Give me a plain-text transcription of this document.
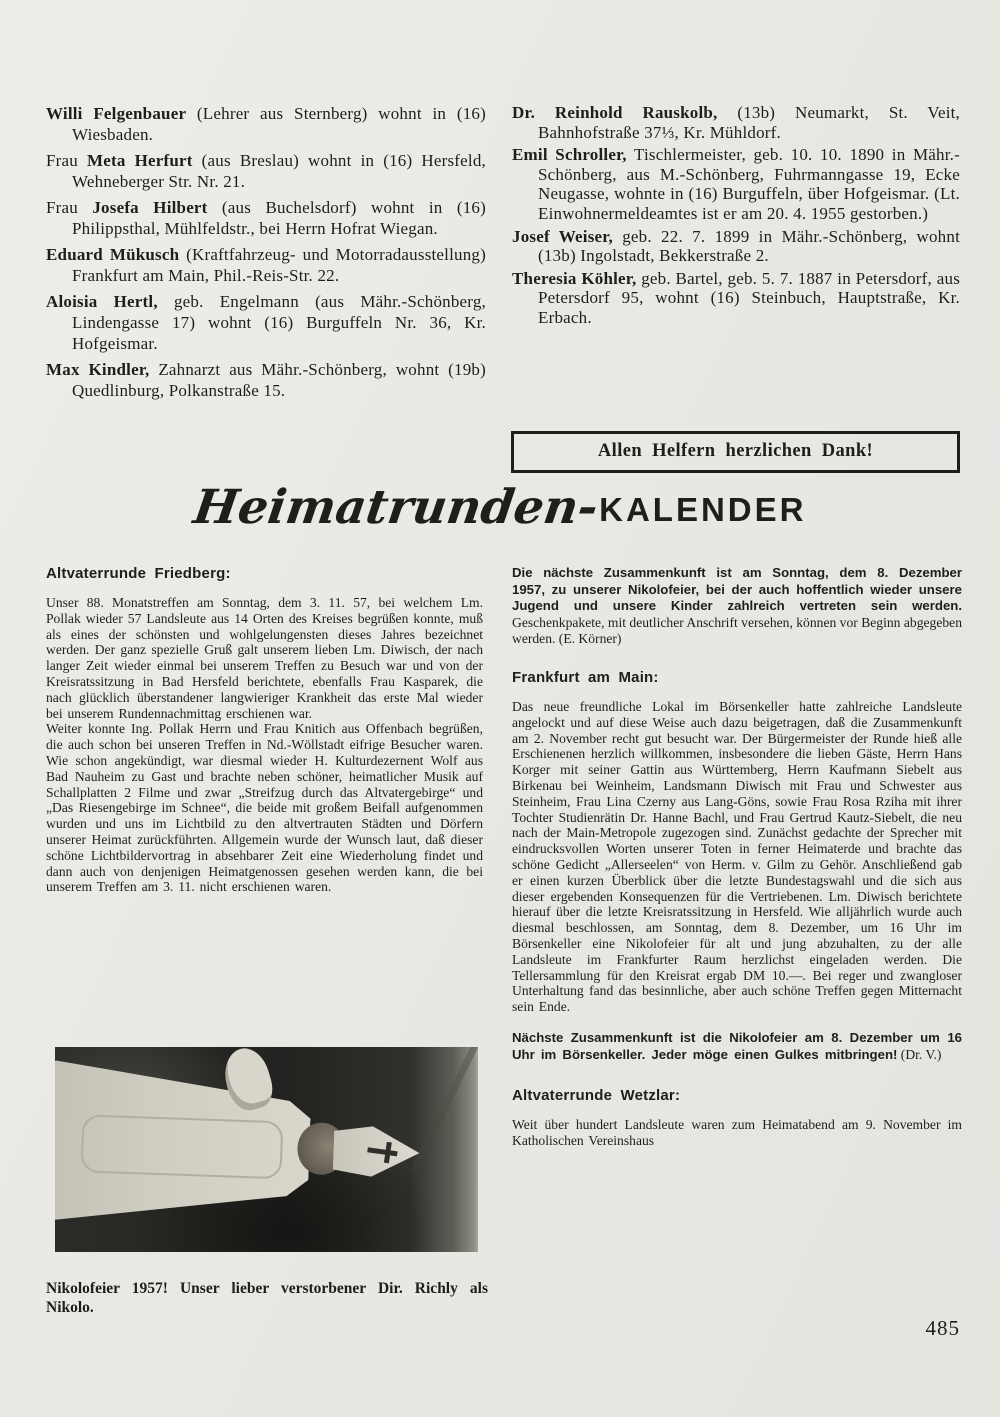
Willi Felgenbauer (Lehrer aus Sternberg) wohnt in (16) Wiesbaden.

Frau Meta Herfurt (aus Breslau) wohnt in (16) Hersfeld, Wehneberger Str. Nr. 21.

Frau Josefa Hilbert (aus Buchelsdorf) wohnt in (16) Philippsthal, Mühlfeldstr., bei Herrn Hofrat Wiegan.

Eduard Mükusch (Kraftfahrzeug- und Motorradausstellung) Frankfurt am Main, Phil.-Reis-Str. 22.

Aloisia Hertl, geb. Engelmann (aus Mähr.-Schönberg, Lindengasse 17) wohnt (16) Burguffeln Nr. 36, Kr. Hofgeismar.

Max Kindler, Zahnarzt aus Mähr.-Schönberg, wohnt (19b) Quedlinburg, Polkanstraße 15.

Dr. Reinhold Rauskolb, (13b) Neumarkt, St. Veit, Bahnhofstraße 37⅓, Kr. Mühldorf.

Emil Schroller, Tischlermeister, geb. 10. 10. 1890 in Mähr.-Schönberg, aus M.-Schönberg, Fuhrmanngasse 19, Ecke Neugasse, wohnte in (16) Burguffeln, über Hofgeismar. (Lt. Einwohnermeldeamtes ist er am 20. 4. 1955 gestorben.)

Josef Weiser, geb. 22. 7. 1899 in Mähr.-Schönberg, wohnt (13b) Ingolstadt, Bekkerstraße 2.

Theresia Köhler, geb. Bartel, geb. 5. 7. 1887 in Petersdorf, aus Petersdorf 95, wohnt (16) Steinbuch, Hauptstraße, Kr. Erbach.

Allen Helfern herzlichen Dank!
Heimatrunden-KALENDER

Altvaterrunde Friedberg:

Unser 88. Monatstreffen am Sonntag, dem 3. 11. 57, bei welchem Lm. Pollak wieder 57 Landsleute aus 14 Orten des Kreises begrüßen konnte, muß als eines der schönsten und wohlgelungensten dieses Jahres bezeichnet werden. Der ganz spezielle Gruß galt unserem lieben Lm. Diwisch, der nach langer Zeit wieder einmal bei unserem Treffen zu Besuch war und von der Kreisratssitzung in Bad Hersfeld berichtete, ebenfalls Frau Kasparek, die nach glücklich überstandener langwieriger Krankheit das erste Mal wieder bei unserem Rundennachmittag erschienen war.

Weiter konnte Ing. Pollak Herrn und Frau Knitich aus Offenbach begrüßen, die auch schon bei unseren Treffen in Nd.-Wöllstadt eifrige Besucher waren. Wie schon angekündigt, war diesmal wieder H. Kulturdezernent Wolf aus Bad Nauheim zu Gast und brachte neben schöner, heimatlicher Musik auf Schallplatten 2 Filme und zwar „Streifzug durch das Altvatergebirge“ und „Das Riesengebirge im Schnee“, die beide mit großem Beifall aufgenommen wurden und uns im Lichtbild zu den altvertrauten Städten und Dörfern unserer Heimat zurückführten. Allgemein wurde der Wunsch laut, daß dieser schöne Lichtbildervortrag in absehbarer Zeit eine Wiederholung findet und dann auch von denjenigen Heimatgenossen gesehen werden kann, die bei unserem Treffen am 3. 11. nicht erschienen waren.

Nikolofeier 1957! Unser lieber verstorbener Dir. Richly als Nikolo.

Die nächste Zusammenkunft ist am Sonntag, dem 8. Dezember 1957, zu unserer Nikolofeier, bei der auch hoffentlich wieder unsere Jugend und unsere Kinder zahlreich vertreten sein werden. Geschenkpakete, mit deutlicher Anschrift versehen, können vor Beginn abgegeben werden. (E. Körner)

Frankfurt am Main:

Das neue freundliche Lokal im Börsenkeller hatte zahlreiche Landsleute angelockt und auf diese Weise auch dazu beigetragen, daß die Zusammenkunft am 2. November recht gut besucht war. Der Bürgermeister der Runde hieß alle Erschienenen herzlich willkommen, insbesondere die lieben Gäste, Herrn Hans Korger mit seiner Gattin aus Württemberg, Herrn Kaufmann Siebelt aus Birkenau bei Weinheim, Landsmann Diwisch mit Frau und Schwester aus Steinheim, Frau Lina Czerny aus Lang-Göns, sowie Frau Rosa Rziha mit ihrer Tochter Studienrätin Dr. Hanne Bachl, und Frau Gertrud Kautz-Siebelt, die neu nach der Main-Metropole zugezogen sind. Zunächst gedachte der Sprecher mit eindrucksvollen Worten unserer Toten in ferner Heimaterde und brachte das schöne Gedicht „Allerseelen“ von Herm. v. Gilm zu Gehör. Anschließend gab er einen kurzen Überblick über die letzte Bundestagswahl und die sich aus dieser ergebenden Konsequenzen für die Vertriebenen. Lm. Diwisch berichtete hierauf über die letzte Kreisratssitzung in Hersfeld. Wie alljährlich wurde auch diesmal beschlossen, am Sonntag, dem 8. Dezember, um 16 Uhr im Börsenkeller eine Nikolofeier für alt und jung abzuhalten, zu der alle Landsleute im Frankfurter Raum herzlichst eingeladen werden. Die Tellersammlung für den Kreisrat ergab DM 10.—. Bei reger und zwangloser Unterhaltung fand das besinnliche, aber auch schöne Treffen gegen Mitternacht sein Ende.

Nächste Zusammenkunft ist die Nikolofeier am 8. Dezember um 16 Uhr im Börsenkeller. Jeder möge einen Gulkes mitbringen! (Dr. V.)

Altvaterrunde Wetzlar:

Weit über hundert Landsleute waren zum Heimatabend am 9. November im Katholischen Vereinshaus

485
